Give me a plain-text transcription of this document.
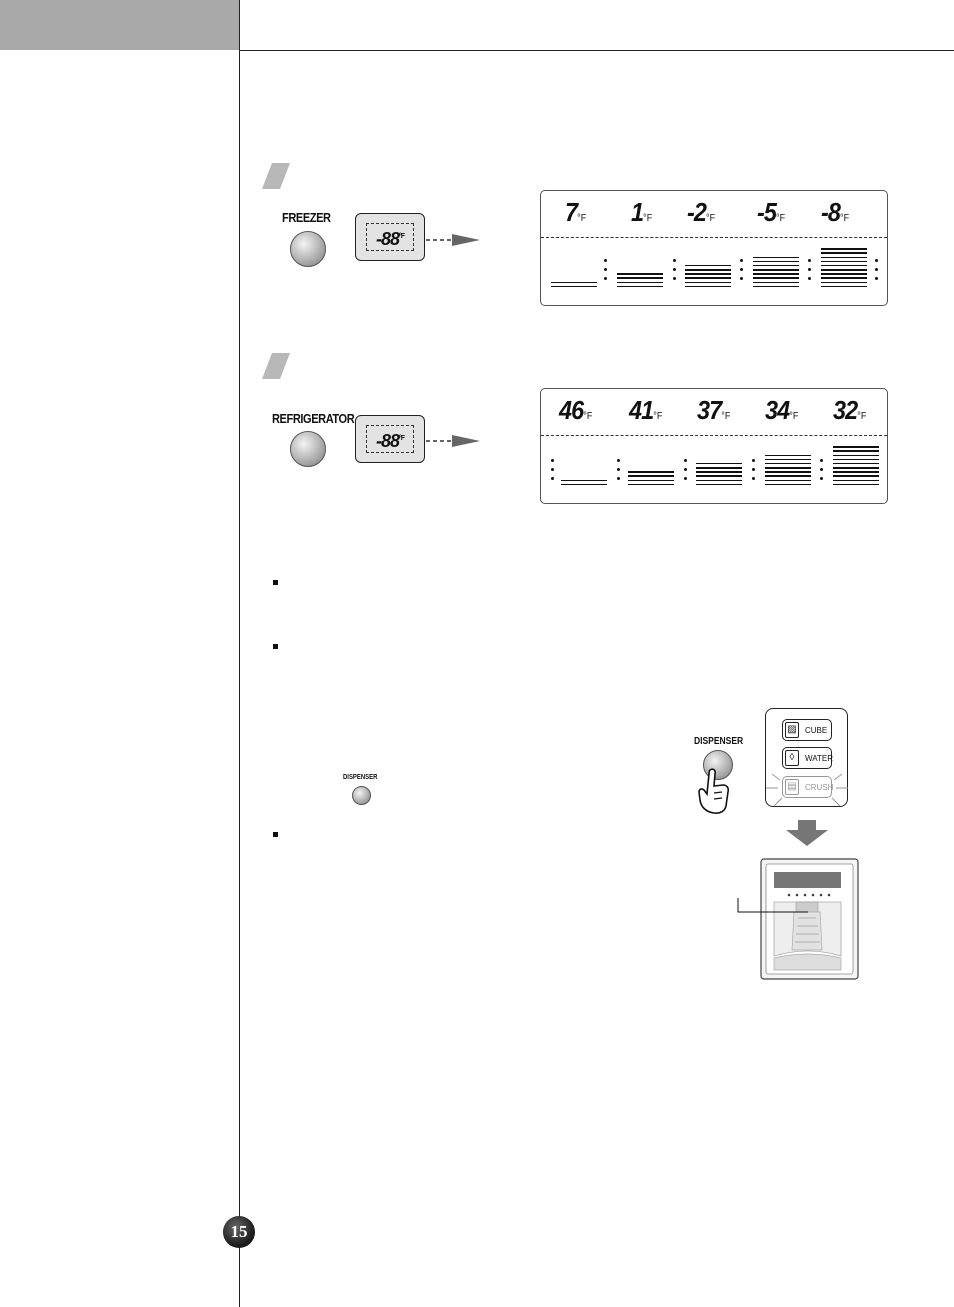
FREEZER
$-88^{^\circ F}$
7°F 1°F -2°F -5°F -8°F
REFRIGERATOR
$-88^{^\circ F}$
46°F 41°F 37°F 34°F 32°F
DISPENSER
DISPENSER
▨ CUBE
◊	WATER
▤ CRUSH
15
